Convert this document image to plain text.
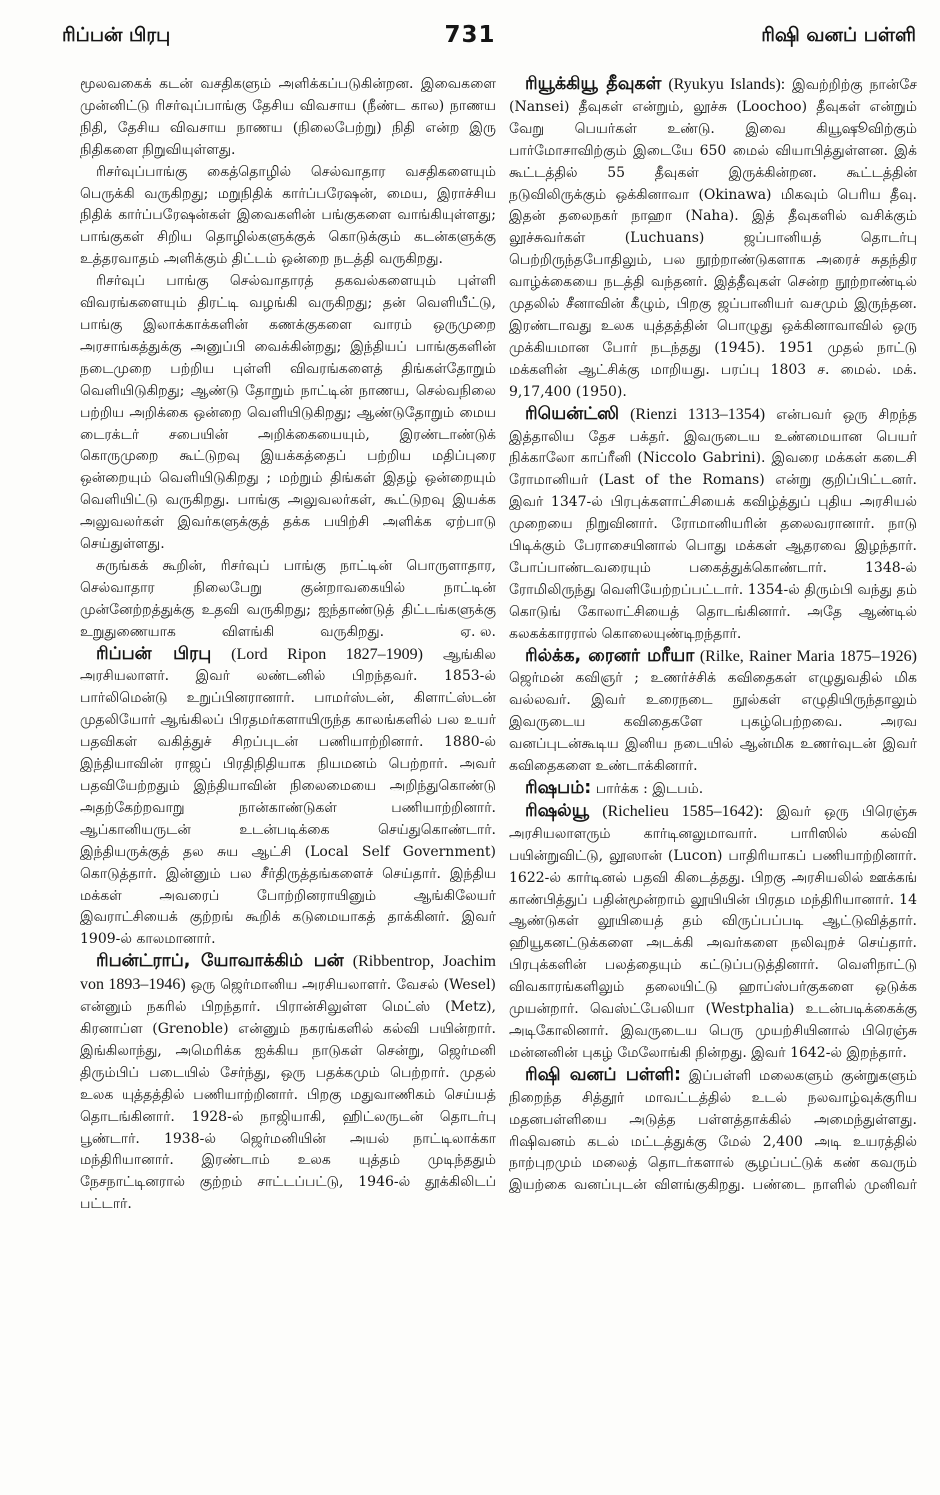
ரிப்பன் பிரபு	731	ரிஷி வனப் பள்ளி

மூலவகைக் கடன் வசதிகளும் அளிக்கப்படுகின்றன. இவைகளை முன்னிட்டு ரிசர்வுப்பாங்கு தேசிய விவசாய (நீண்ட கால) நாணய நிதி, தேசிய விவசாய நாணய (நிலைபேற்று) நிதி என்ற இரு நிதிகளை நிறுவியுள்ளது.

ரிசர்வுப்பாங்கு கைத்தொழில் செல்வாதார வசதிகளையும் பெருக்கி வருகிறது; மறுநிதிக் கார்ப்பரேஷன், மைய, இராச்சிய நிதிக் கார்ப்பரேஷன்கள் இவைகளின் பங்குகளை வாங்கியுள்ளது; பாங்குகள் சிறிய தொழில்களுக்குக் கொடுக்கும் கடன்களுக்கு உத்தரவாதம் அளிக்கும் திட்டம் ஒன்றை நடத்தி வருகிறது.

ரிசர்வுப் பாங்கு செல்வாதாரத் தகவல்களையும் புள்ளி விவரங்களையும் திரட்டி வழங்கி வருகிறது; தன் வெளியீட்டு, பாங்கு இலாக்காக்களின் கணக்குகளை வாரம் ஒருமுறை அரசாங்கத்துக்கு அனுப்பி வைக்கின்றது; இந்தியப் பாங்குகளின் நடைமுறை பற்றிய புள்ளி விவரங்களைத் திங்கள்தோறும் வெளியிடுகிறது; ஆண்டு தோறும் நாட்டின் நாணய, செல்வநிலை பற்றிய அறிக்கை ஒன்றை வெளியிடுகிறது; ஆண்டுதோறும் மைய டைரக்டர் சபையின் அறிக்கையையும், இரண்டாண்டுக் கொருமுறை கூட்டுறவு இயக்கத்தைப் பற்றிய மதிப்புரை ஒன்றையும் வெளியிடுகிறது ; மற்றும் திங்கள் இதழ் ஒன்றையும் வெளியிட்டு வருகிறது. பாங்கு அலுவலர்கள், கூட்டுறவு இயக்க அலுவலர்கள் இவர்களுக்குத் தக்க பயிற்சி அளிக்க ஏற்பாடு செய்துள்ளது.

சுருங்கக் கூறின், ரிசர்வுப் பாங்கு நாட்டின் பொருளாதார, செல்வாதார நிலைபேறு குன்றாவகையில் நாட்டின் முன்னேற்றத்துக்கு உதவி வருகிறது; ஐந்தாண்டுத் திட்டங்களுக்கு உறுதுணையாக விளங்கி வருகிறது.	ஏ. ல.

ரிப்பன் பிரபு (Lord Ripon 1827–1909) ஆங்கில அரசியலாளர். இவர் லண்டனில் பிறந்தவர். 1853-ல் பார்லிமென்டு உறுப்பினரானார். பாமர்ஸ்டன், கிளாட்ஸ்டன் முதலியோர் ஆங்கிலப் பிரதமர்களாயிருந்த காலங்களில் பல உயர் பதவிகள் வகித்துச் சிறப்புடன் பணியாற்றினார். 1880-ல் இந்தியாவின் ராஜப் பிரதிநிதியாக நியமனம் பெற்றார். அவர் பதவியேற்றதும் இந்தியாவின் நிலைமையை அறிந்துகொண்டு அதற்கேற்றவாறு நான்காண்டுகள் பணியாற்றினார். ஆப்கானியருடன் உடன்படிக்கை செய்துகொண்டார். இந்தியருக்குத் தல சுய ஆட்சி (Local Self Government) கொடுத்தார். இன்னும் பல சீர்திருத்தங்களைச் செய்தார். இந்திய மக்கள் அவரைப் போற்றினராயினும் ஆங்கிலேயர் இவராட்சியைக் குற்றங் கூறிக் கடுமையாகத் தாக்கினர். இவர் 1909-ல் காலமானார்.

ரிபன்ட்ராப், யோவாக்கிம் பன் (Ribbentrop, Joachim von 1893–1946) ஒரு ஜெர்மானிய அரசியலாளர். வேசல் (Wesel) என்னும் நகரில் பிறந்தார். பிரான்சிலுள்ள மெட்ஸ் (Metz), கிரனாப்ள (Grenoble) என்னும் நகரங்களில் கல்வி பயின்றார். இங்கிலாந்து, அமெரிக்க ஐக்கிய நாடுகள் சென்று, ஜெர்மனி திரும்பிப் படையில் சேர்ந்து, ஒரு பதக்கமும் பெற்றார். முதல் உலக யுத்தத்தில் பணியாற்றினார். பிறகு மதுவாணிகம் செய்யத் தொடங்கினார். 1928-ல் நாஜியாகி, ஹிட்லருடன் தொடர்பு பூண்டார். 1938-ல் ஜெர்மனியின் அயல் நாட்டிலாக்கா மந்திரியானார். இரண்டாம் உலக யுத்தம் முடிந்ததும் நேசநாட்டினரால் குற்றம் சாட்டப்பட்டு, 1946-ல் தூக்கிலிடப் பட்டார்.

ரியூக்கியூ தீவுகள் (Ryukyu Islands): இவற்றிற்கு நான்சே (Nansei) தீவுகள் என்றும், லூச்சு (Loochoo) தீவுகள் என்றும் வேறு பெயர்கள் உண்டு. இவை கியூஷூவிற்கும் பார்மோசாவிற்கும் இடையே 650 மைல் வியாபித்துள்ளன. இக் கூட்டத்தில் 55 தீவுகள் இருக்கின்றன. கூட்டத்தின் நடுவிலிருக்கும் ஒக்கினாவா (Okinawa) மிகவும் பெரிய தீவு. இதன் தலைநகர் நாஹா (Naha). இத் தீவுகளில் வசிக்கும் லூச்சுவர்கள் (Luchuans) ஜப்பானியத் தொடர்பு பெற்றிருந்தபோதிலும், பல நூற்றாண்டுகளாக அரைச் சுதந்திர வாழ்க்கையை நடத்தி வந்தனர். இத்தீவுகள் சென்ற நூற்றாண்டில் முதலில் சீனாவின் கீழும், பிறகு ஜப்பானியர் வசமும் இருந்தன. இரண்டாவது உலக யுத்தத்தின் பொழுது ஒக்கினாவாவில் ஒரு முக்கியமான போர் நடந்தது (1945). 1951 முதல் நாட்டு மக்களின் ஆட்சிக்கு மாறியது. பரப்பு 1803 ச. மைல். மக். 9,17,400 (1950).

ரியென்ட்ஸி (Rienzi 1313–1354) என்பவர் ஒரு சிறந்த இத்தாலிய தேச பக்தர். இவருடைய உண்மையான பெயர் நிக்காலோ காப்ரீனி (Niccolo Gabrini). இவரை மக்கள் கடைசி ரோமானியர் (Last of the Romans) என்று குறிப்பிட்டனர். இவர் 1347-ல் பிரபுக்களாட்சியைக் கவிழ்த்துப் புதிய அரசியல் முறையை நிறுவினார். ரோமானியரின் தலைவரானார். நாடு பிடிக்கும் பேராசையினால் பொது மக்கள் ஆதரவை இழந்தார். போப்பாண்டவரையும் பகைத்துக்கொண்டார். 1348-ல் ரோமிலிருந்து வெளியேற்றப்பட்டார். 1354-ல் திரும்பி வந்து தம் கொடுங் கோலாட்சியைத் தொடங்கினார். அதே ஆண்டில் கலகக்காரரால் கொலையுண்டிறந்தார்.

ரில்க்க, ரைனர் மரீயா (Rilke, Rainer Maria 1875–1926) ஜெர்மன் கவிஞர் ; உணர்ச்சிக் கவிதைகள் எழுதுவதில் மிக வல்லவர். இவர் உரைநடை நூல்கள் எழுதியிருந்தாலும் இவருடைய கவிதைகளே புகழ்பெற்றவை. அரவ வனப்புடன்கூடிய இனிய நடையில் ஆன்மிக உணர்வுடன் இவர் கவிதைகளை உண்டாக்கினார்.

ரிஷபம்: பார்க்க : இடபம்.

ரிஷல்யூ (Richelieu 1585–1642): இவர் ஒரு பிரெஞ்சு அரசியலாளரும் கார்டினலுமாவார். பாரிஸில் கல்வி பயின்றுவிட்டு, லூஸான் (Lucon) பாதிரியாகப் பணியாற்றினார். 1622-ல் கார்டினல் பதவி கிடைத்தது. பிறகு அரசியலில் ஊக்கங் காண்பித்துப் பதின்மூன்றாம் லூயியின் பிரதம மந்திரியானார். 14 ஆண்டுகள் லூயியைத் தம் விருப்பப்படி ஆட்டுவித்தார். ஹியூகனட்டுக்களை அடக்கி அவர்களை நலிவுறச் செய்தார். பிரபுக்களின் பலத்தையும் கட்டுப்படுத்தினார். வெளிநாட்டு விவகாரங்களிலும் தலையிட்டு ஹாப்ஸ்பர்குகளை ஒடுக்க முயன்றார். வெஸ்ட்பேலியா (Westphalia) உடன்படிக்கைக்கு அடிகோலினார். இவருடைய பெரு முயற்சியினால் பிரெஞ்சு மன்னனின் புகழ் மேலோங்கி நின்றது. இவர் 1642-ல் இறந்தார்.

ரிஷி வனப் பள்ளி: இப்பள்ளி மலைகளும் குன்றுகளும் நிறைந்த சித்தூர் மாவட்டத்தில் உடல் நலவாழ்வுக்குரிய மதனபள்ளியை அடுத்த பள்ளத்தாக்கில் அமைந்துள்ளது. ரிஷிவனம் கடல் மட்டத்துக்கு மேல் 2,400 அடி உயரத்தில் நாற்புறமும் மலைத் தொடர்களால் சூழப்பட்டுக் கண் கவரும் இயற்கை வனப்புடன் விளங்குகிறது. பண்டை நாளில் முனிவர்
